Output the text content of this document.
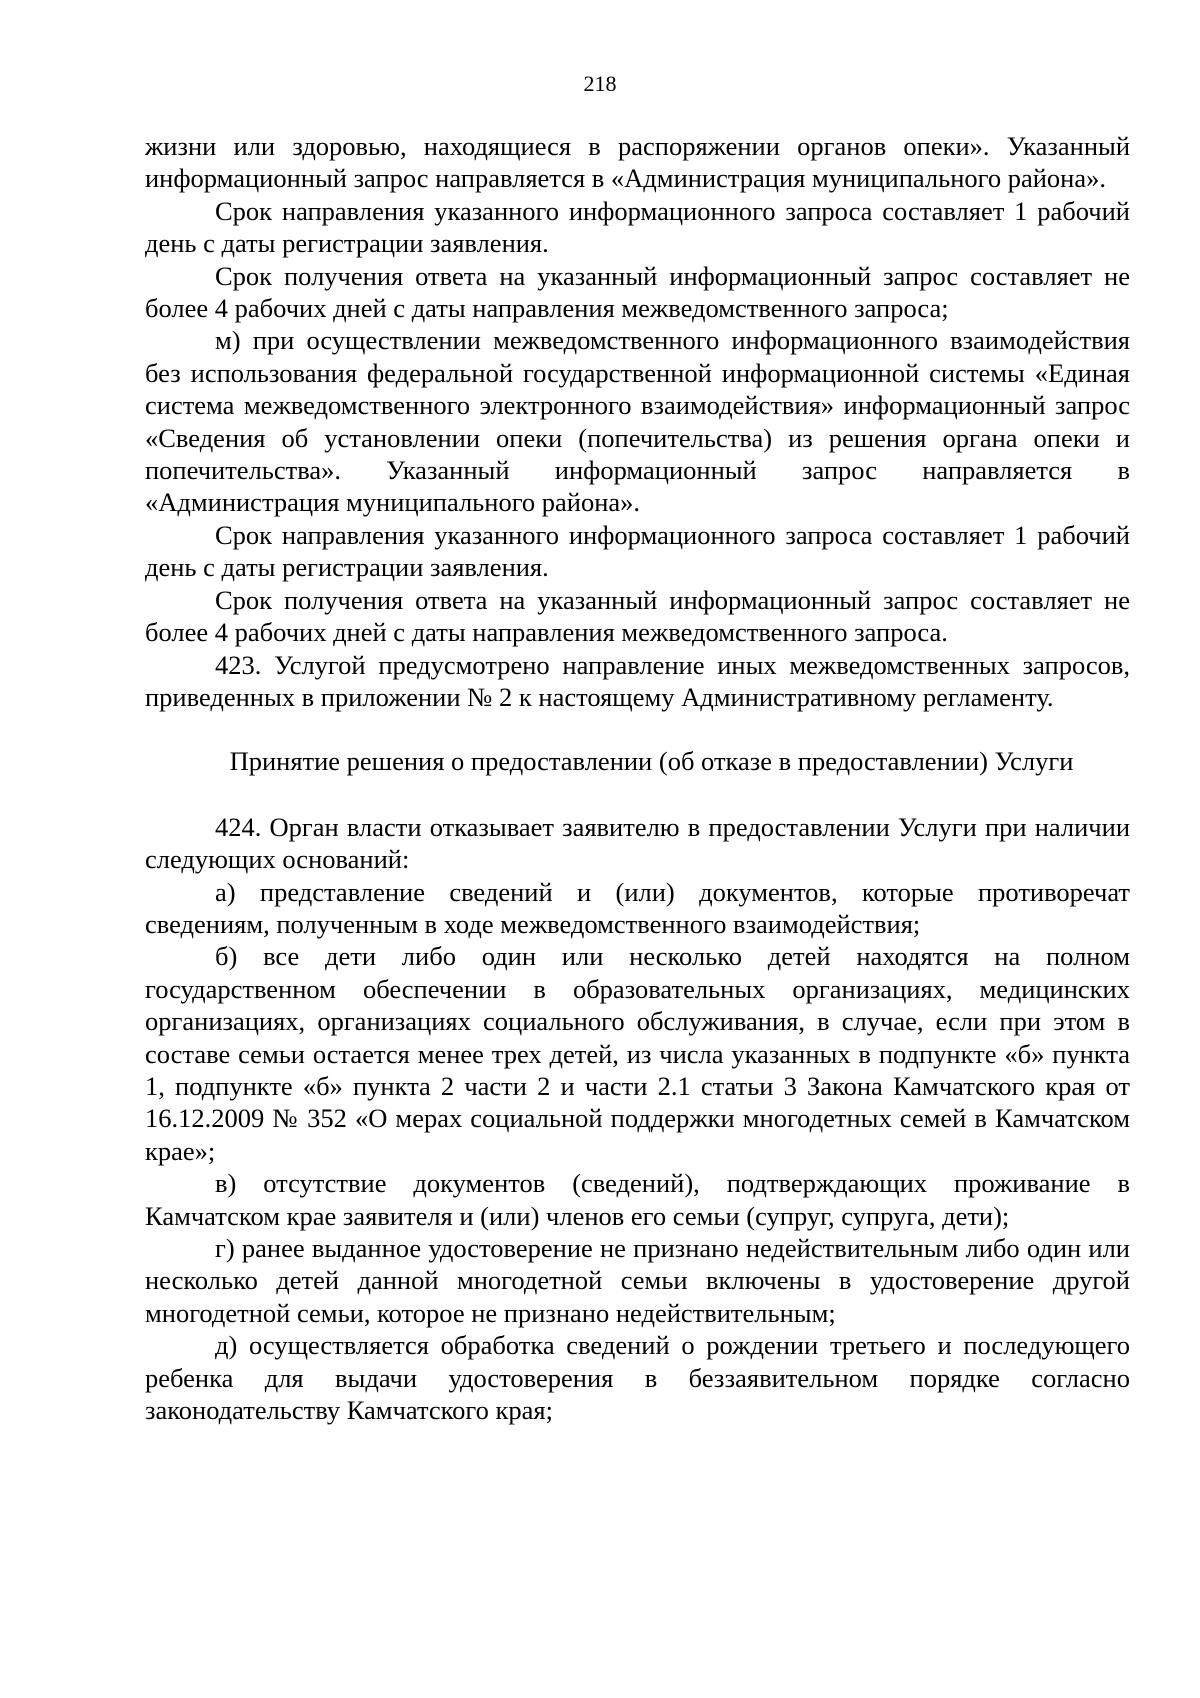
218

жизни или здоровью, находящиеся в распоряжении органов опеки». Указанный информационный запрос направляется в «Администрация муниципального района».

Срок направления указанного информационного запроса составляет 1 рабочий день с даты регистрации заявления.

Срок получения ответа на указанный информационный запрос составляет не более 4 рабочих дней с даты направления межведомственного запроса;

м) при осуществлении межведомственного информационного взаимодействия без использования федеральной государственной информационной системы «Единая система межведомственного электронного взаимодействия» информационный запрос «Сведения об установлении опеки (попечительства) из решения органа опеки и попечительства». Указанный информационный запрос направляется в «Администрация муниципального района».

Срок направления указанного информационного запроса составляет 1 рабочий день с даты регистрации заявления.

Срок получения ответа на указанный информационный запрос составляет не более 4 рабочих дней с даты направления межведомственного запроса.

423. Услугой предусмотрено направление иных межведомственных запросов, приведенных в приложении № 2 к настоящему Административному регламенту.

Принятие решения о предоставлении (об отказе в предоставлении) Услуги

424. Орган власти отказывает заявителю в предоставлении Услуги при наличии следующих оснований:

а) представление сведений и (или) документов, которые противоречат сведениям, полученным в ходе межведомственного взаимодействия;

б) все дети либо один или несколько детей находятся на полном государственном обеспечении в образовательных организациях, медицинских организациях, организациях социального обслуживания, в случае, если при этом в составе семьи остается менее трех детей, из числа указанных в подпункте «б» пункта 1, подпункте «б» пункта 2 части 2 и части 2.1 статьи 3 Закона Камчатского края от 16.12.2009 № 352 «О мерах социальной поддержки многодетных семей в Камчатском крае»;

в) отсутствие документов (сведений), подтверждающих проживание в Камчатском крае заявителя и (или) членов его семьи (супруг, супруга, дети);

г) ранее выданное удостоверение не признано недействительным либо один или несколько детей данной многодетной семьи включены в удостоверение другой многодетной семьи, которое не признано недействительным;

д) осуществляется обработка сведений о рождении третьего и последующего ребенка для выдачи удостоверения в беззаявительном порядке согласно законодательству Камчатского края;
